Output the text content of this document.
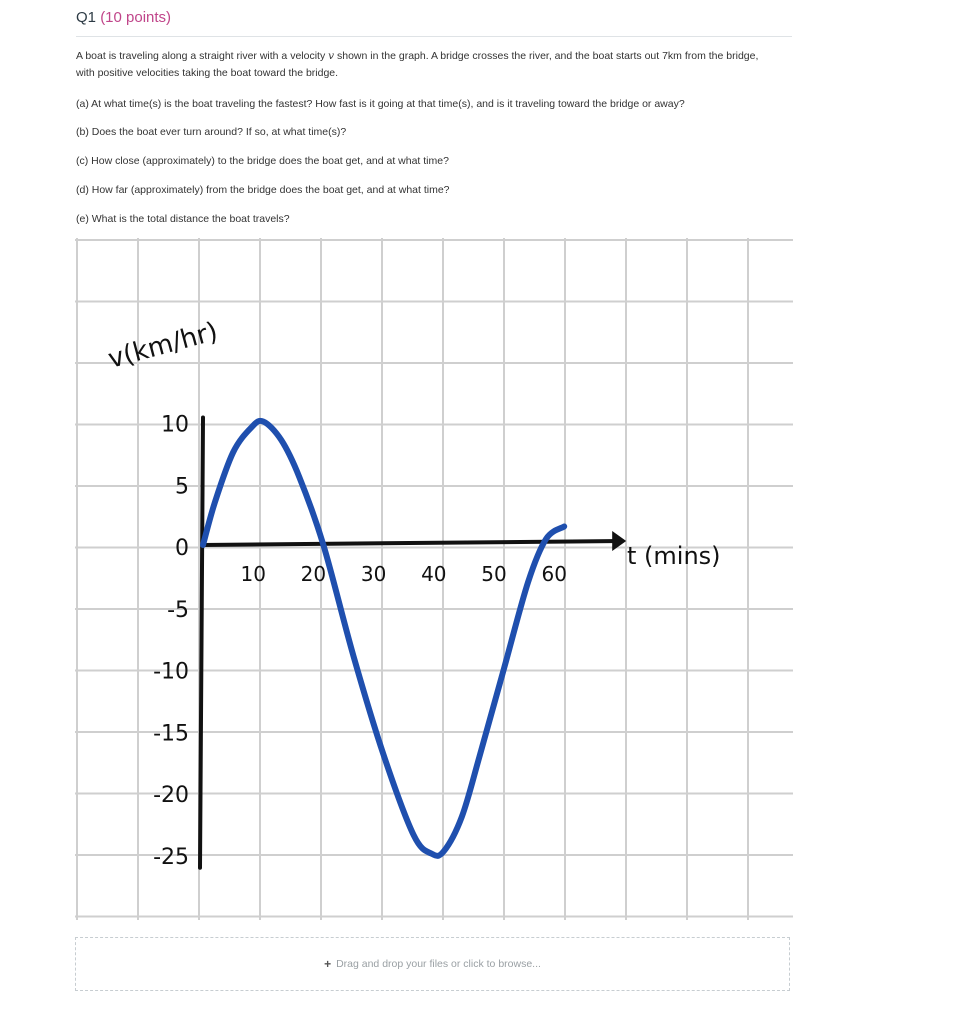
Q1 (10 points)
A boat is traveling along a straight river with a velocity v shown in the graph. A bridge crosses the river, and the boat starts out 7km from the bridge, with positive velocities taking the boat toward the bridge.
(a) At what time(s) is the boat traveling the fastest? How fast is it going at that time(s), and is it traveling toward the bridge or away?
(b) Does the boat ever turn around? If so, at what time(s)?
(c) How close (approximately) to the bridge does the boat get, and at what time?
(d) How far (approximately) from the bridge does the boat get, and at what time?
(e) What is the total distance the boat travels?
v(km/hr)
10 20 30 40 50 60
10
5
0
-5
-10
-15
-20
-25
t (mins)
+ Drag and drop your files or click to browse...
